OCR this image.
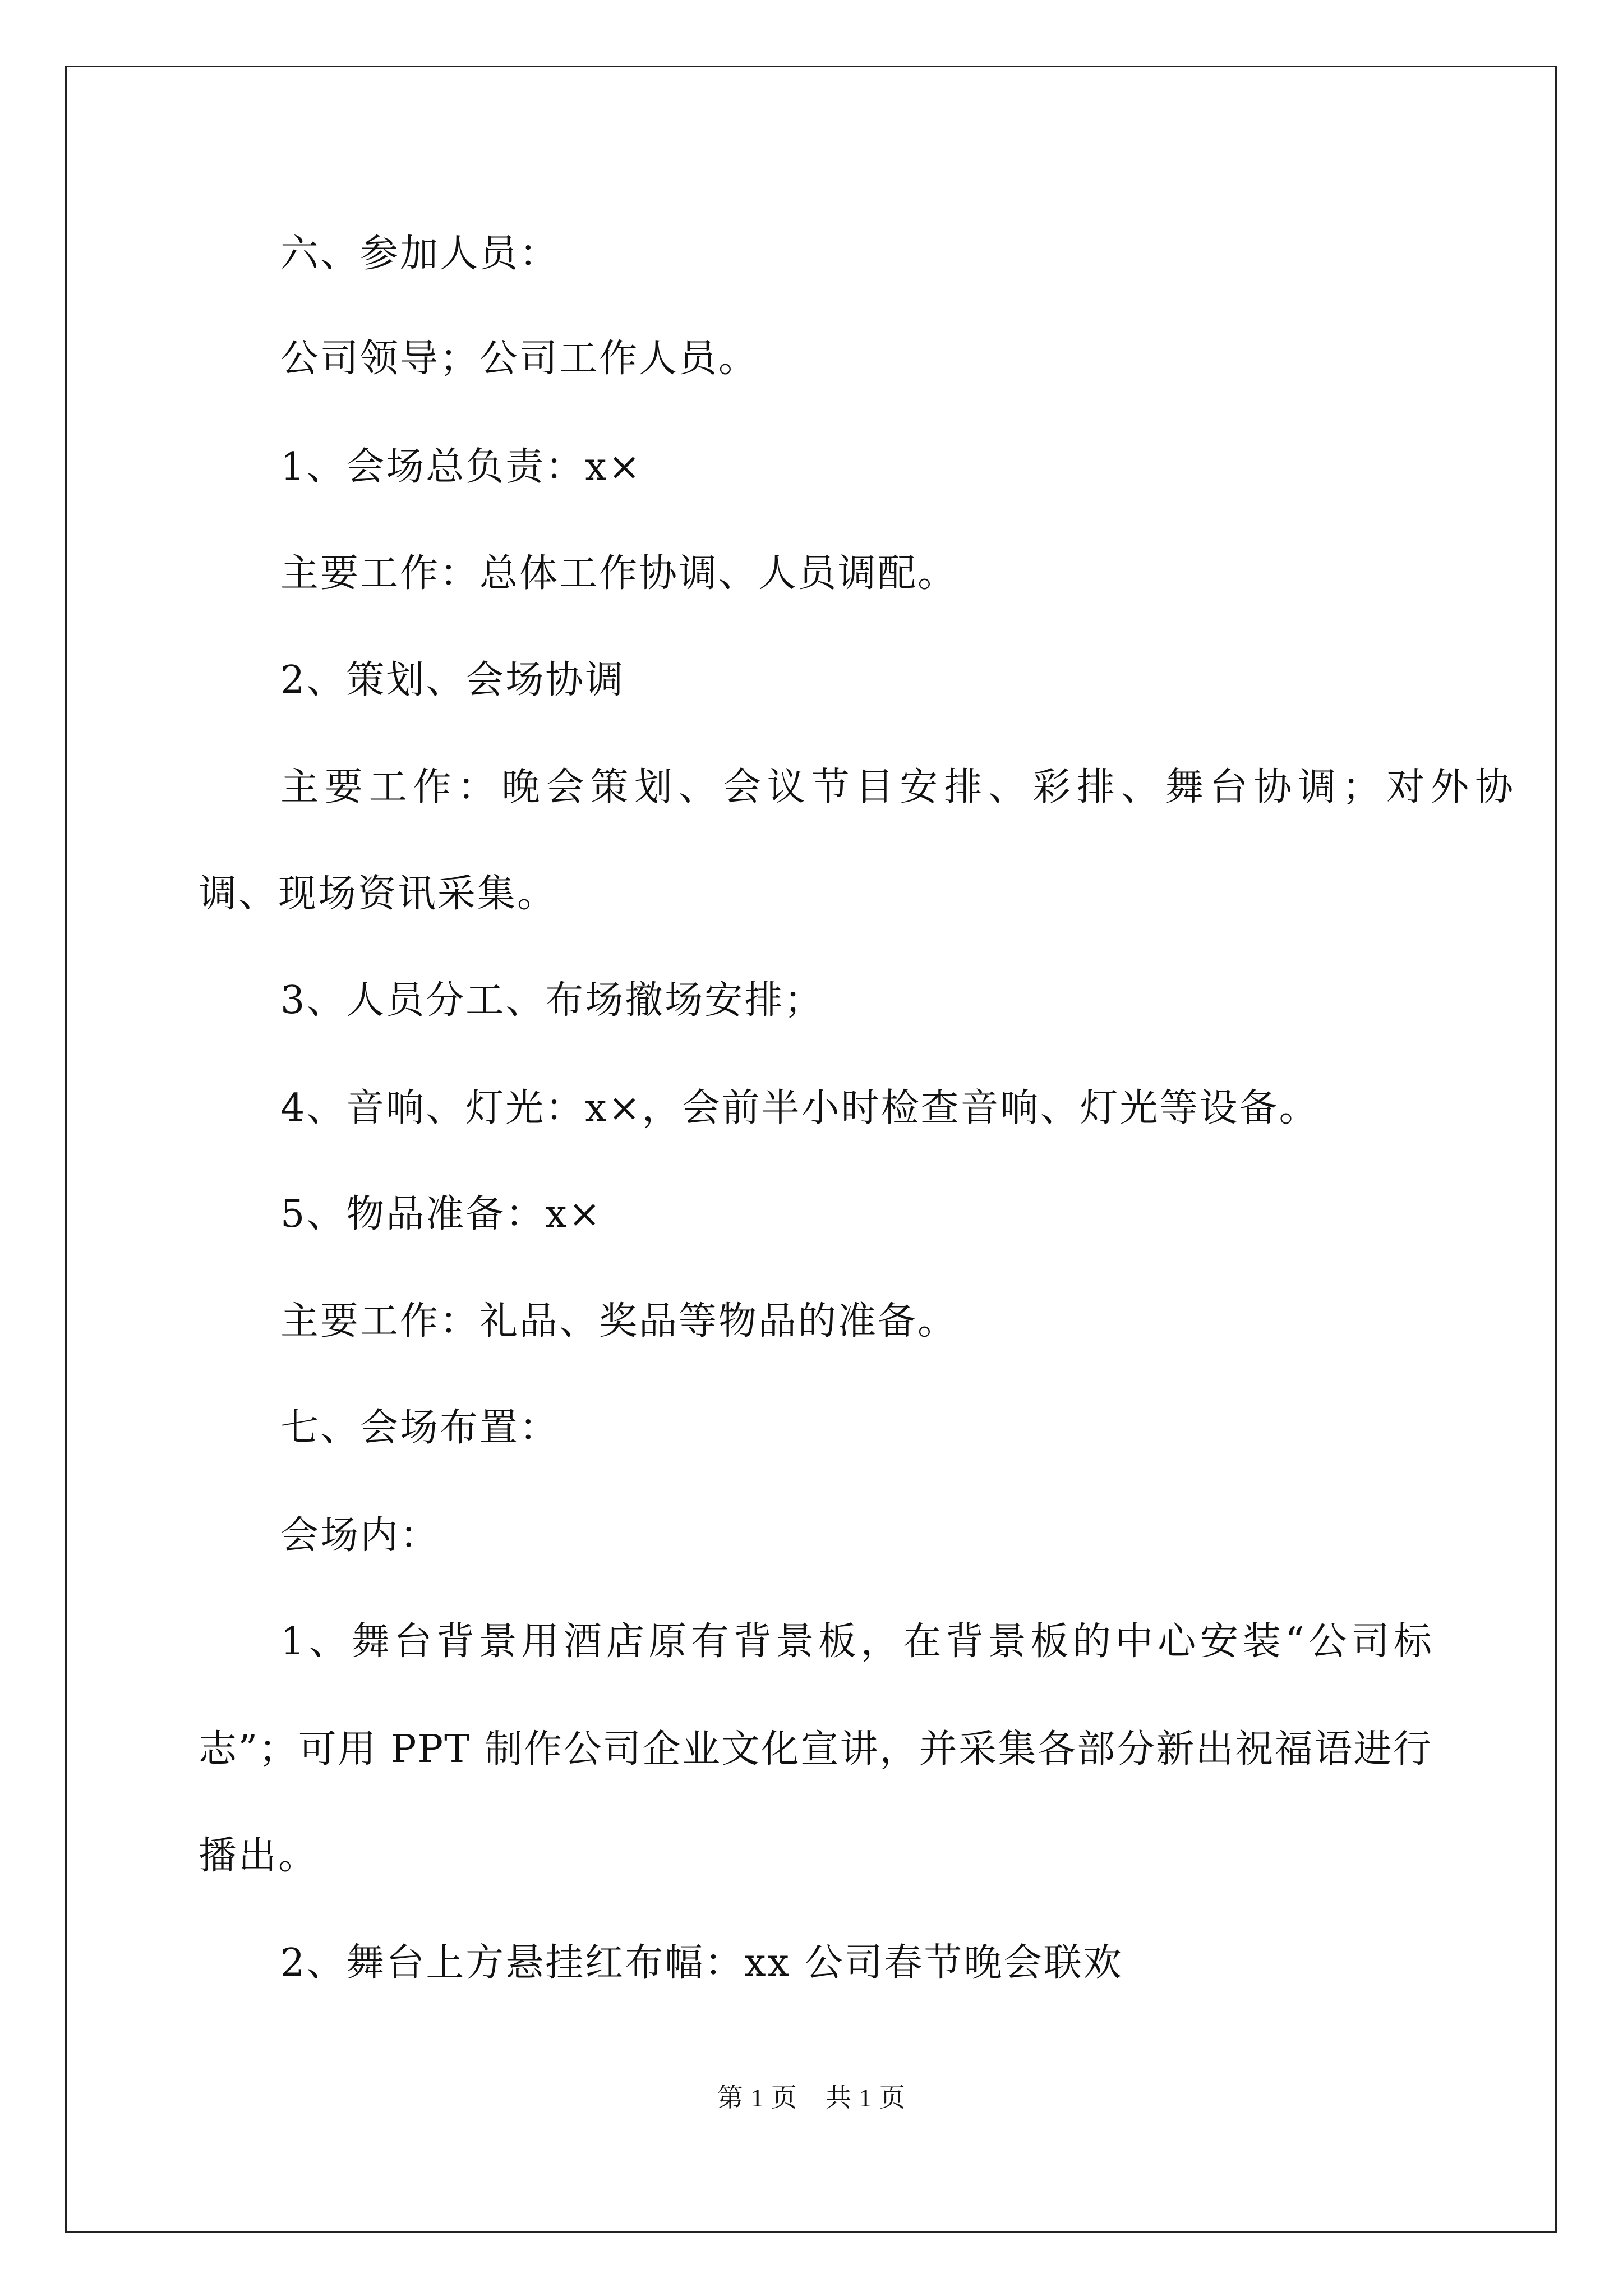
六、参加人员：
公司领导；公司工作人员。
1、会场总负责：x×
主要工作：总体工作协调、人员调配。
2、策划、会场协调
主要工作：晚会策划、会议节目安排、彩排、舞台协调；对外协
调、现场资讯采集。
3、人员分工、布场撤场安排；
4、音响、灯光：x×，会前半小时检查音响、灯光等设备。
5、物品准备：x×
主要工作：礼品、奖品等物品的准备。
七、会场布置：
会场内：
1、舞台背景用酒店原有背景板，在背景板的中心安装“公司标
志”；可用 PPT 制作公司企业文化宣讲，并采集各部分新出祝福语进行
播出。
2、舞台上方悬挂红布幅：xx 公司春节晚会联欢
第 1 页    共 1 页
